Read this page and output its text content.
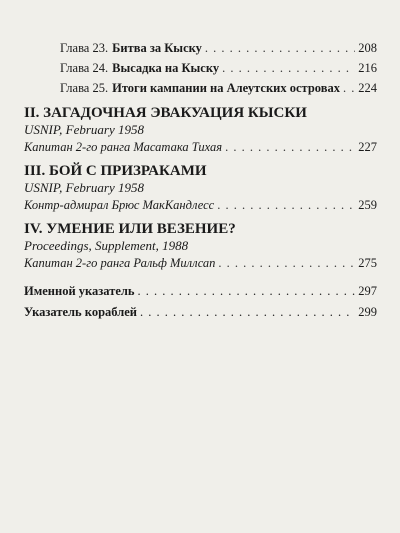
Глава 23. Битва за Кыску . . .	208
Глава 24. Высадка на Кыску . . .	216
Глава 25. Итоги кампании на Алеутских островах . . . 224
II. ЗАГАДОЧНАЯ ЭВАКУАЦИЯ КЫСКИ
USNIP, February 1958
Капитан 2-го ранга Масатака Тихая . . .	227
III. БОЙ С ПРИЗРАКАМИ
USNIP, February 1958
Контр-адмирал Брюс МакКандлесс . . .	259
IV. УМЕНИЕ ИЛИ ВЕЗЕНИЕ?
Proceedings, Supplement, 1988
Капитан 2-го ранга Ральф Миллсап . . .	275
Именной указатель . . .	297
Указатель кораблей . . .	299
